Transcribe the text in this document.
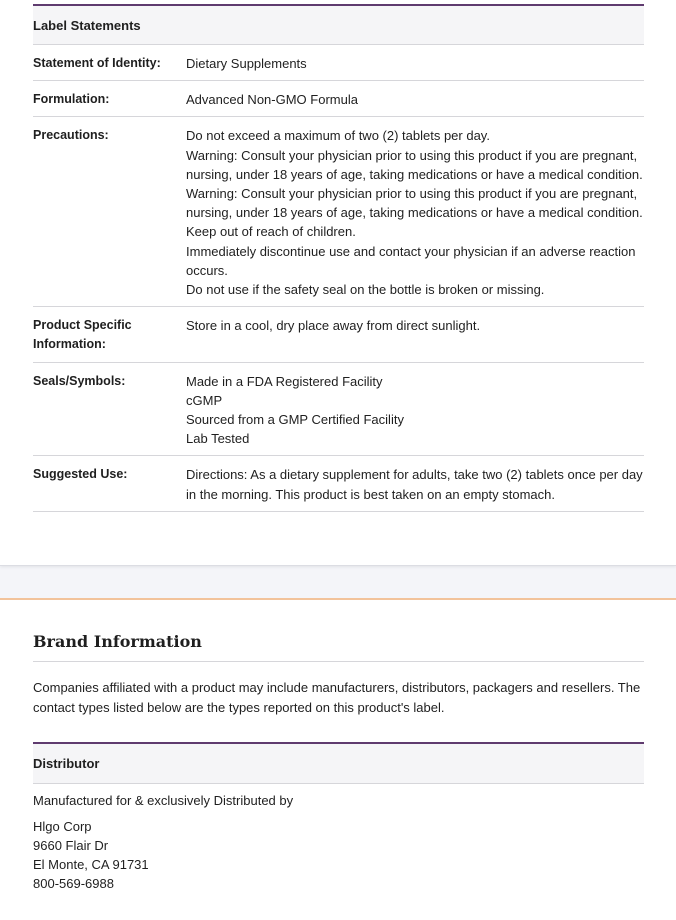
Label Statements
Statement of Identity:	Dietary Supplements
Formulation:	Advanced Non-GMO Formula
Precautions:	Do not exceed a maximum of two (2) tablets per day.
Warning: Consult your physician prior to using this product if you are pregnant, nursing, under 18 years of age, taking medications or have a medical condition.
Warning: Consult your physician prior to using this product if you are pregnant, nursing, under 18 years of age, taking medications or have a medical condition.
Keep out of reach of children.
Immediately discontinue use and contact your physician if an adverse reaction occurs.
Do not use if the safety seal on the bottle is broken or missing.
Product Specific Information:
Store in a cool, dry place away from direct sunlight.
Seals/Symbols:	Made in a FDA Registered Facility
cGMP
Sourced from a GMP Certified Facility
Lab Tested
Suggested Use:	Directions: As a dietary supplement for adults, take two (2) tablets once per day in the morning. This product is best taken on an empty stomach.
Brand Information
Companies affiliated with a product may include manufacturers, distributors, packagers and resellers. The contact types listed below are the types reported on this product's label.
Distributor
Manufactured for & exclusively Distributed by
Hlgo Corp
9660 Flair Dr
El Monte, CA 91731
800-569-6988
